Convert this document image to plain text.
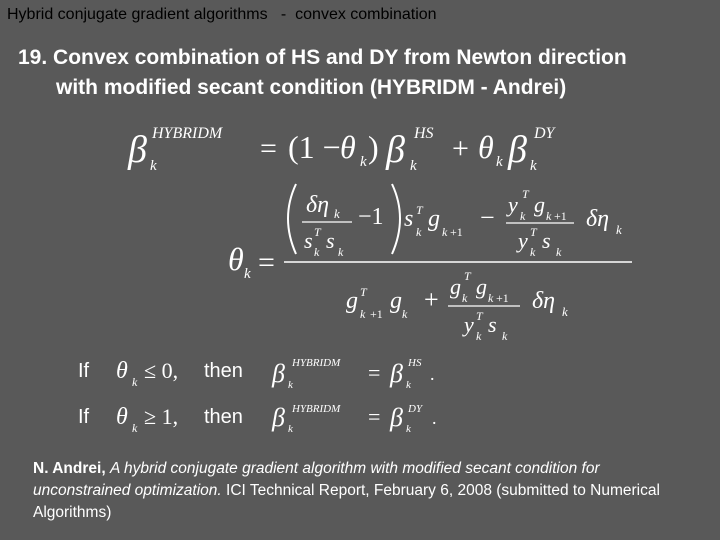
Hybrid conjugate gradient algorithms   -  convex combination
19. Convex combination of HS and DY from Newton direction
with modified secant condition (HYBRIDM - Andrei)
β k
HYBRIDM = (1 − θ k ) β k
HS + θ k β k
DY
θ k =
δη k
s T
k s k
−1 s T
k g k +1 − y T
k g k +1
y T
k s k
δη k
g T
k +1 g k + g T
k g k +1
y T
k s k
δη k
θ k ≤ 0,	β k
HYBRIDM = β k
HS
.
θ k ≥ 1,	β k
HYBRIDM = β k
DY .
If	then
If	then
N. Andrei, A hybrid conjugate gradient algorithm with modified secant condition for unconstrained optimization. ICI Technical Report, February 6, 2008 (submitted to Numerical Algorithms)
